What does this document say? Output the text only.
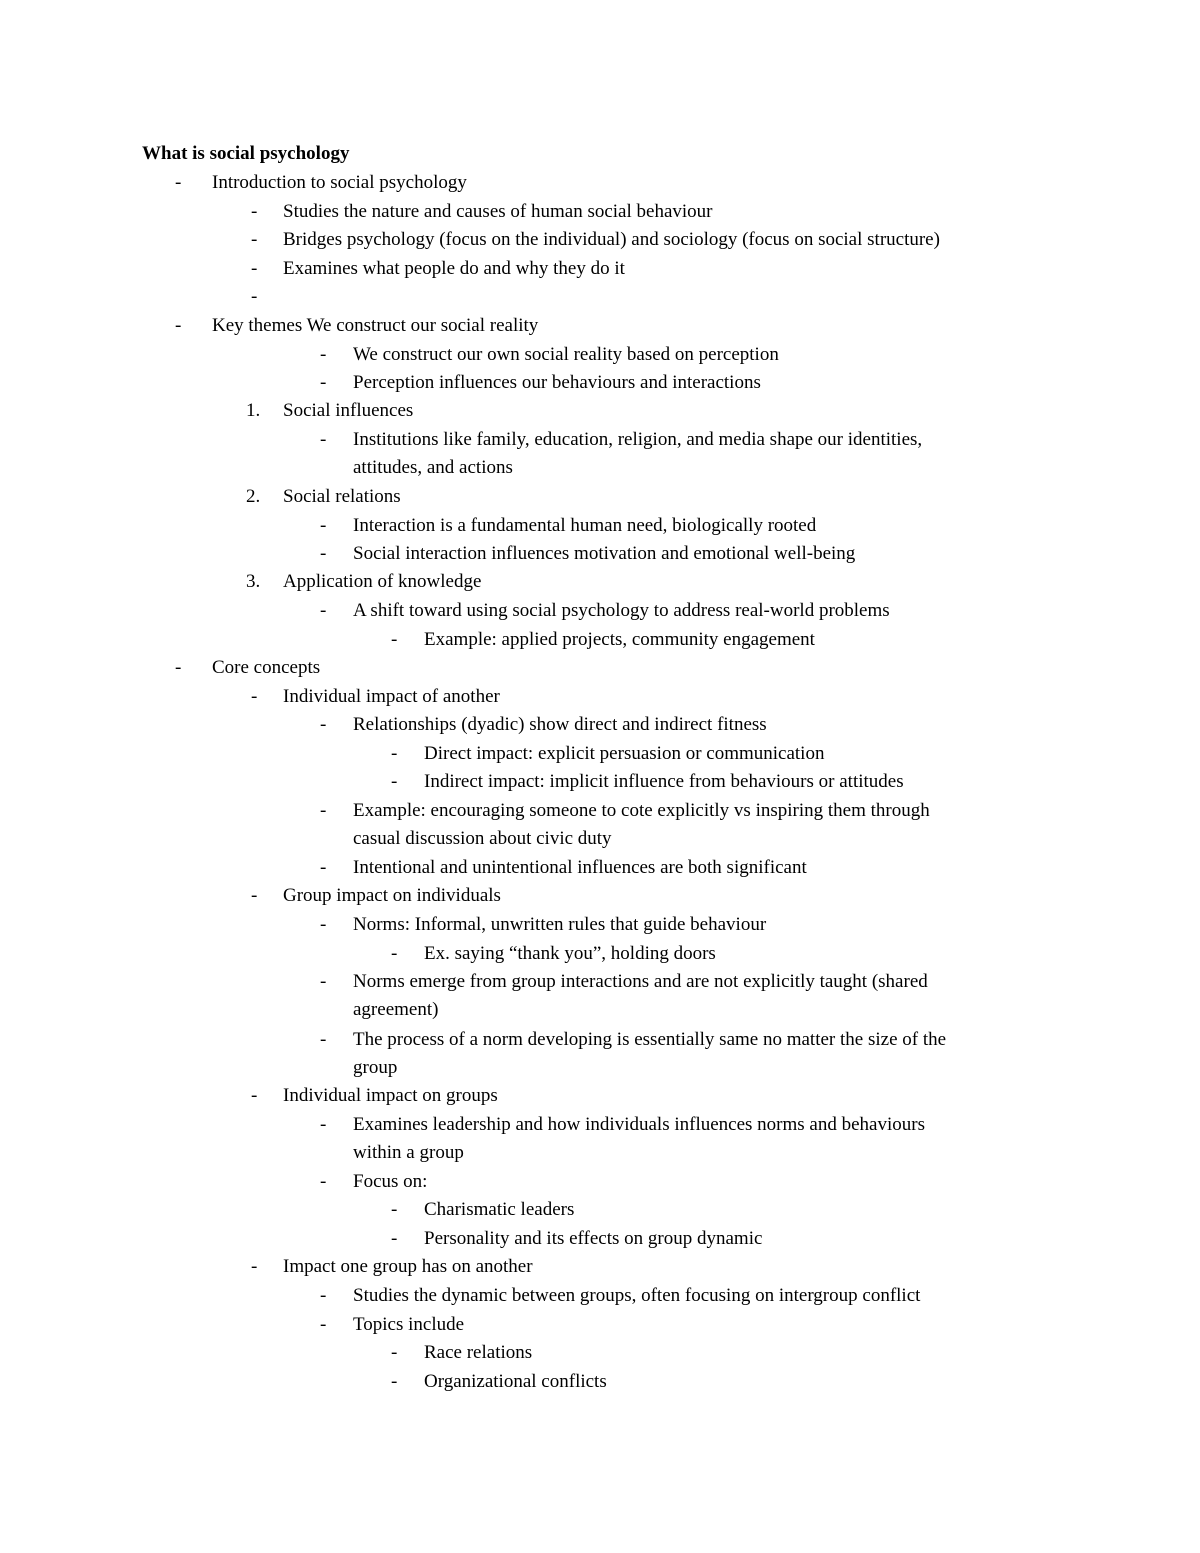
What is social psychology
- Introduction to social psychology
- Studies the nature and causes of human social behaviour
- Bridges psychology (focus on the individual) and sociology (focus on social structure)
- Examines what people do and why they do it
-
- Key themes We construct our social reality
- We construct our own social reality based on perception
- Perception influences our behaviours and interactions
1. Social influences
- Institutions like family, education, religion, and media shape our identities,
attitudes, and actions
2. Social relations
- Interaction is a fundamental human need, biologically rooted
- Social interaction influences motivation and emotional well-being
3. Application of knowledge
- A shift toward using social psychology to address real-world problems
- Example: applied projects, community engagement
- Core concepts
- Individual impact of another
- Relationships (dyadic) show direct and indirect fitness
- Direct impact: explicit persuasion or communication
- Indirect impact: implicit influence from behaviours or attitudes
- Example: encouraging someone to cote explicitly vs inspiring them through
casual discussion about civic duty
- Intentional and unintentional influences are both significant
- Group impact on individuals
- Norms: Informal, unwritten rules that guide behaviour
- Ex. saying “thank you”, holding doors
- Norms emerge from group interactions and are not explicitly taught (shared
agreement)
- The process of a norm developing is essentially same no matter the size of the
group
- Individual impact on groups
- Examines leadership and how individuals influences norms and behaviours
within a group
- Focus on:
- Charismatic leaders
- Personality and its effects on group dynamic
- Impact one group has on another
- Studies the dynamic between groups, often focusing on intergroup conflict
- Topics include
- Race relations
- Organizational conflicts
